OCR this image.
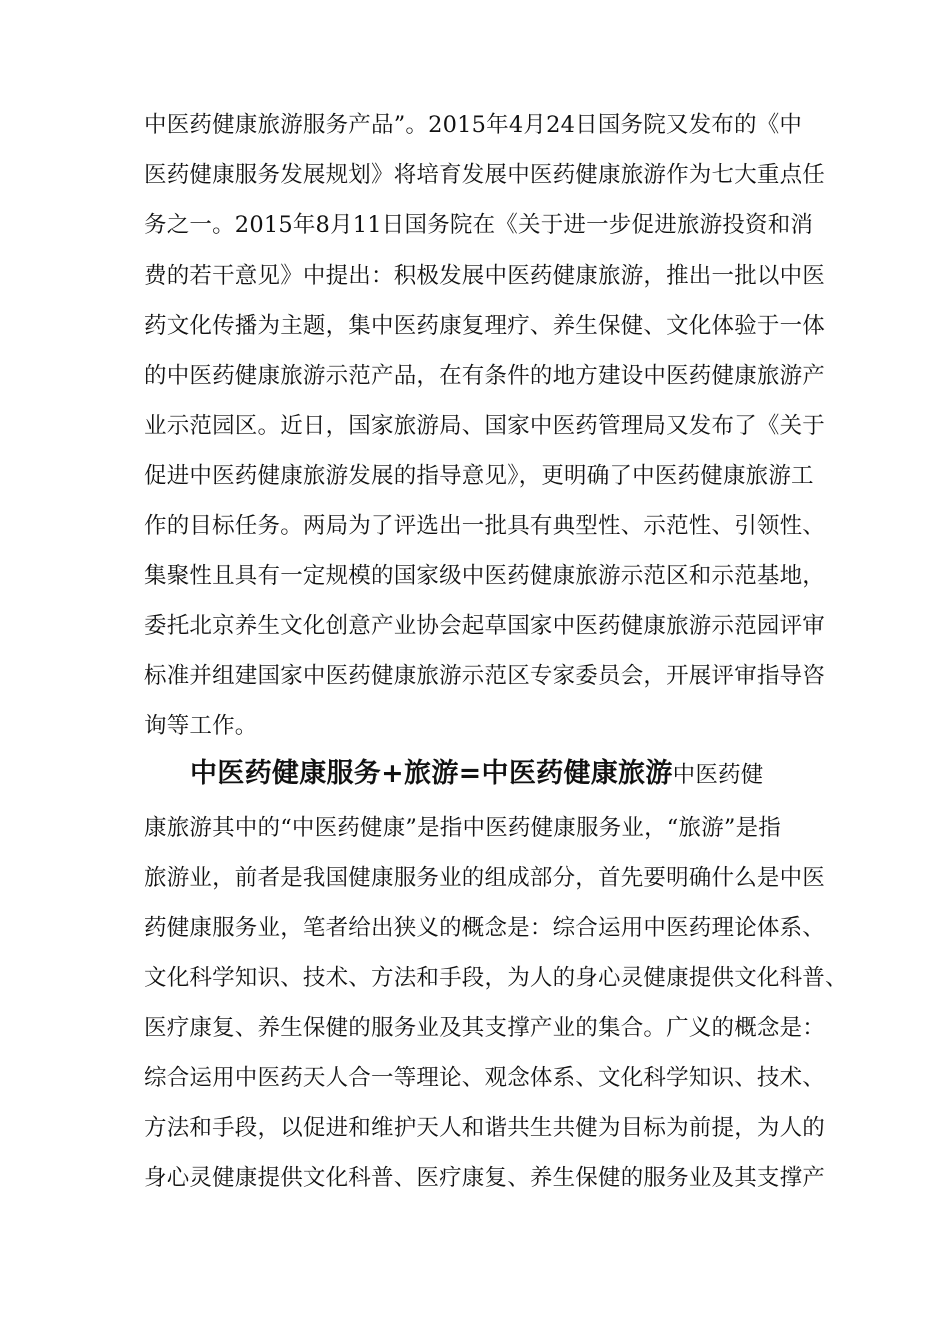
中医药健康旅游服务产品”。2015年4月24日国务院又发布的《中
医药健康服务发展规划》将培育发展中医药健康旅游作为七大重点任
务之一。2015年8月11日国务院在《关于进一步促进旅游投资和消
费的若干意见》中提出：积极发展中医药健康旅游，推出一批以中医
药文化传播为主题，集中医药康复理疗、养生保健、文化体验于一体
的中医药健康旅游示范产品，在有条件的地方建设中医药健康旅游产
业示范园区。近日，国家旅游局、国家中医药管理局又发布了《关于
促进中医药健康旅游发展的指导意见》，更明确了中医药健康旅游工
作的目标任务。两局为了评选出一批具有典型性、示范性、引领性、
集聚性且具有一定规模的国家级中医药健康旅游示范区和示范基地，
委托北京养生文化创意产业协会起草国家中医药健康旅游示范园评审
标准并组建国家中医药健康旅游示范区专家委员会，开展评审指导咨
询等工作。
中医药健康服务+旅游=中医药健康旅游中医药健
康旅游其中的“中医药健康”是指中医药健康服务业，“旅游”是指
旅游业，前者是我国健康服务业的组成部分，首先要明确什么是中医
药健康服务业，笔者给出狭义的概念是：综合运用中医药理论体系、
文化科学知识、技术、方法和手段，为人的身心灵健康提供文化科普、
医疗康复、养生保健的服务业及其支撑产业的集合。广义的概念是：
综合运用中医药天人合一等理论、观念体系、文化科学知识、技术、
方法和手段，以促进和维护天人和谐共生共健为目标为前提，为人的
身心灵健康提供文化科普、医疗康复、养生保健的服务业及其支撑产
